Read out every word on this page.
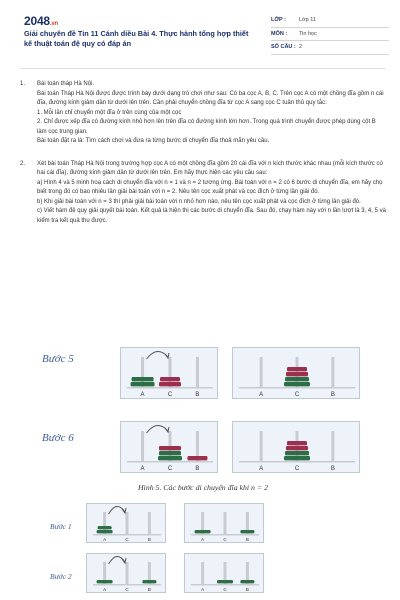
2048.vn
Giải chuyên đề Tin 11 Cánh diều Bài 4. Thực hành tổng hợp thiết kế thuật toán đệ quy có đáp án
LỚP :	Lớp 11
MÔN :	Tin học
SỐ CÂU : 2
1.	Bài toán tháp Hà Nội.

Bài toán Tháp Hà Nội được được trình bày dưới dạng trò chơi như sau: Có ba cọc A, B, C. Trên cọc A có một chồng đĩa gồm n cái đĩa, đường kính giảm dần từ dưới lên trên. Cần phải chuyển chồng đĩa từ cọc A sang cọc C tuân thủ quy tắc:

1. Mỗi lần chỉ chuyển một đĩa ở trên cùng của một cọc

2. Chỉ được xếp đĩa có đường kính nhỏ hơn lên trên đĩa có đường kính lớn hơn. Trong quá trình chuyển được phép dùng cột B làm cọc trung gian.

Bài toán đặt ra là: Tìm cách chơi và đưa ra từng bước di chuyển đĩa thoả mãn yêu cầu.

2.	Xét bài toán Tháp Hà Nội trong trường hợp cọc A có một chồng đĩa gồm 20 cái đĩa với n kích thước khác nhau (mỗi kích thước có hai cái đĩa), đường kính giảm dần từ dưới lên trên. Em hãy thực hiện các yêu cầu sau:

a) Hình 4 và 5 minh hoạ cách di chuyển đĩa với n = 1 và n = 2 tương ứng. Bài toán với n = 2 có 6 bước di chuyển đĩa, em hãy chọ biết trong đó có bao nhiêu lần giải bài toán với n = 2. Nêu tên cọc xuất phát và cọc đích ở từng lần giải đó.

b) Khi giải bài toán với n = 3 thì phải giải bài toán với n nhỏ hơn nào, nêu tên cọc xuất phát và cọc đích ở từng lần giải đó.

c) Viết hàm đệ quy giải quyết bài toán. Kết quả là hiện thị các bước di chuyển đĩa. Sau đó, chạy hàm này với n lần lượt là 3, 4, 5 và kiểm tra kết quả thu được.

Bước 5
Bước 6
Hình 5. Các bước di chuyển đĩa khi n = 2
Bước 1
Bước 2
A	C	B	A	C	B
A	C	B	A	C	B
A	C	B	A	C	B
A	C	B	A	C	B
